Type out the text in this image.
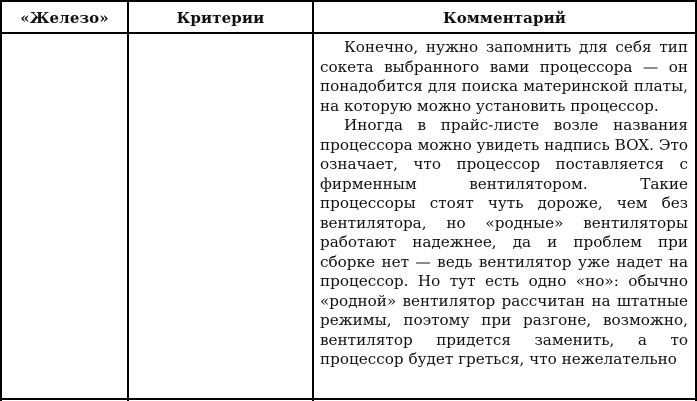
«Железо»	Критерии	Комментарий

Конечно, нужно запомнить для себя тип сокета выбранного вами процессора — он понадобится для поиска материнской платы, на которую можно установить процессор.

Иногда в прайс-листе возле названия процессора можно увидеть надпись BOX. Это означает, что процессор поставляется с фирменным вентилятором. Такие процессоры стоят чуть дороже, чем без вентилятора, но «родные» вентиляторы работают надежнее, да и проблем при сборке нет — ведь вентилятор уже надет на процессор. Но тут есть одно «но»: обычно «родной» вентилятор рассчитан на штатные режимы, поэтому при разгоне, возможно, вентилятор придется заменить, а то процессор будет греться, что нежелательно
